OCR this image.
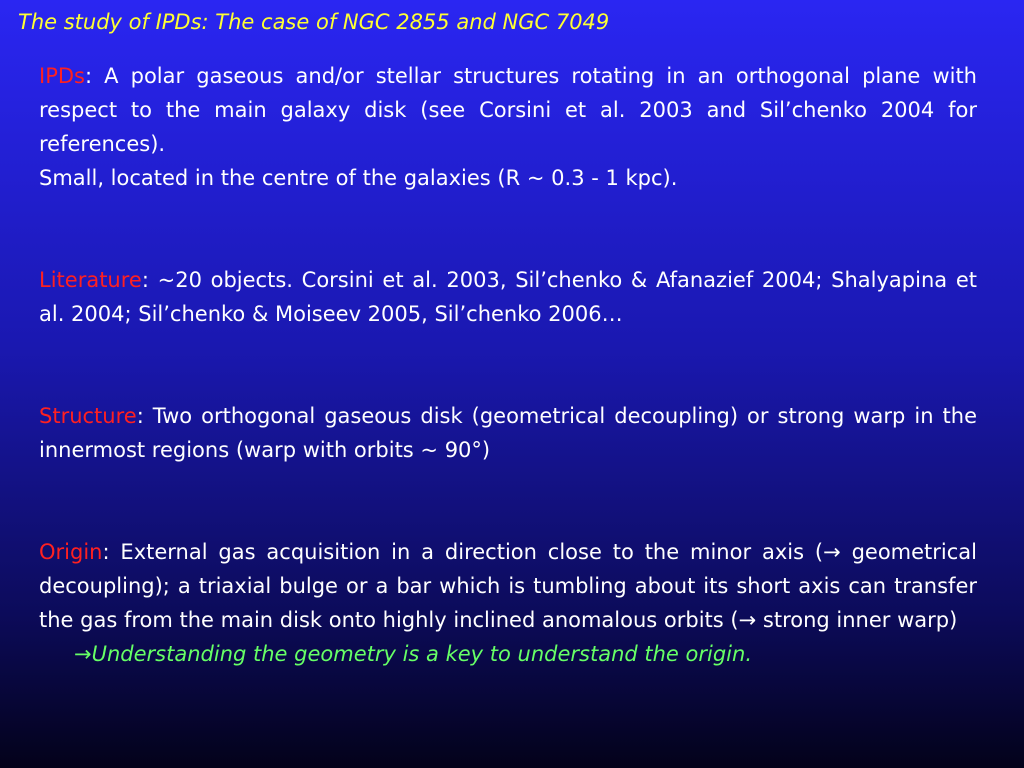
The study of IPDs: The case of NGC 2855 and NGC 7049

IPDs: A polar gaseous and/or stellar structures rotating in an orthogonal plane with respect to the main galaxy disk (see Corsini et al. 2003 and Sil’chenko 2004 for references).

Small, located in the centre of the galaxies (R ~ 0.3 - 1 kpc).

Literature: ~20 objects. Corsini et al. 2003, Sil’chenko & Afanazief 2004; Shalyapina et al. 2004; Sil’chenko & Moiseev 2005, Sil’chenko 2006…

Structure: Two orthogonal gaseous disk (geometrical decoupling) or strong warp in the innermost regions (warp with orbits ~ 90°)

Origin: External gas acquisition in a direction close to the minor axis (→ geometrical decoupling); a triaxial bulge or a bar which is tumbling about its short axis can transfer the gas from the main disk onto highly inclined anomalous orbits (→ strong inner warp)

→Understanding the geometry is a key to understand the origin.
